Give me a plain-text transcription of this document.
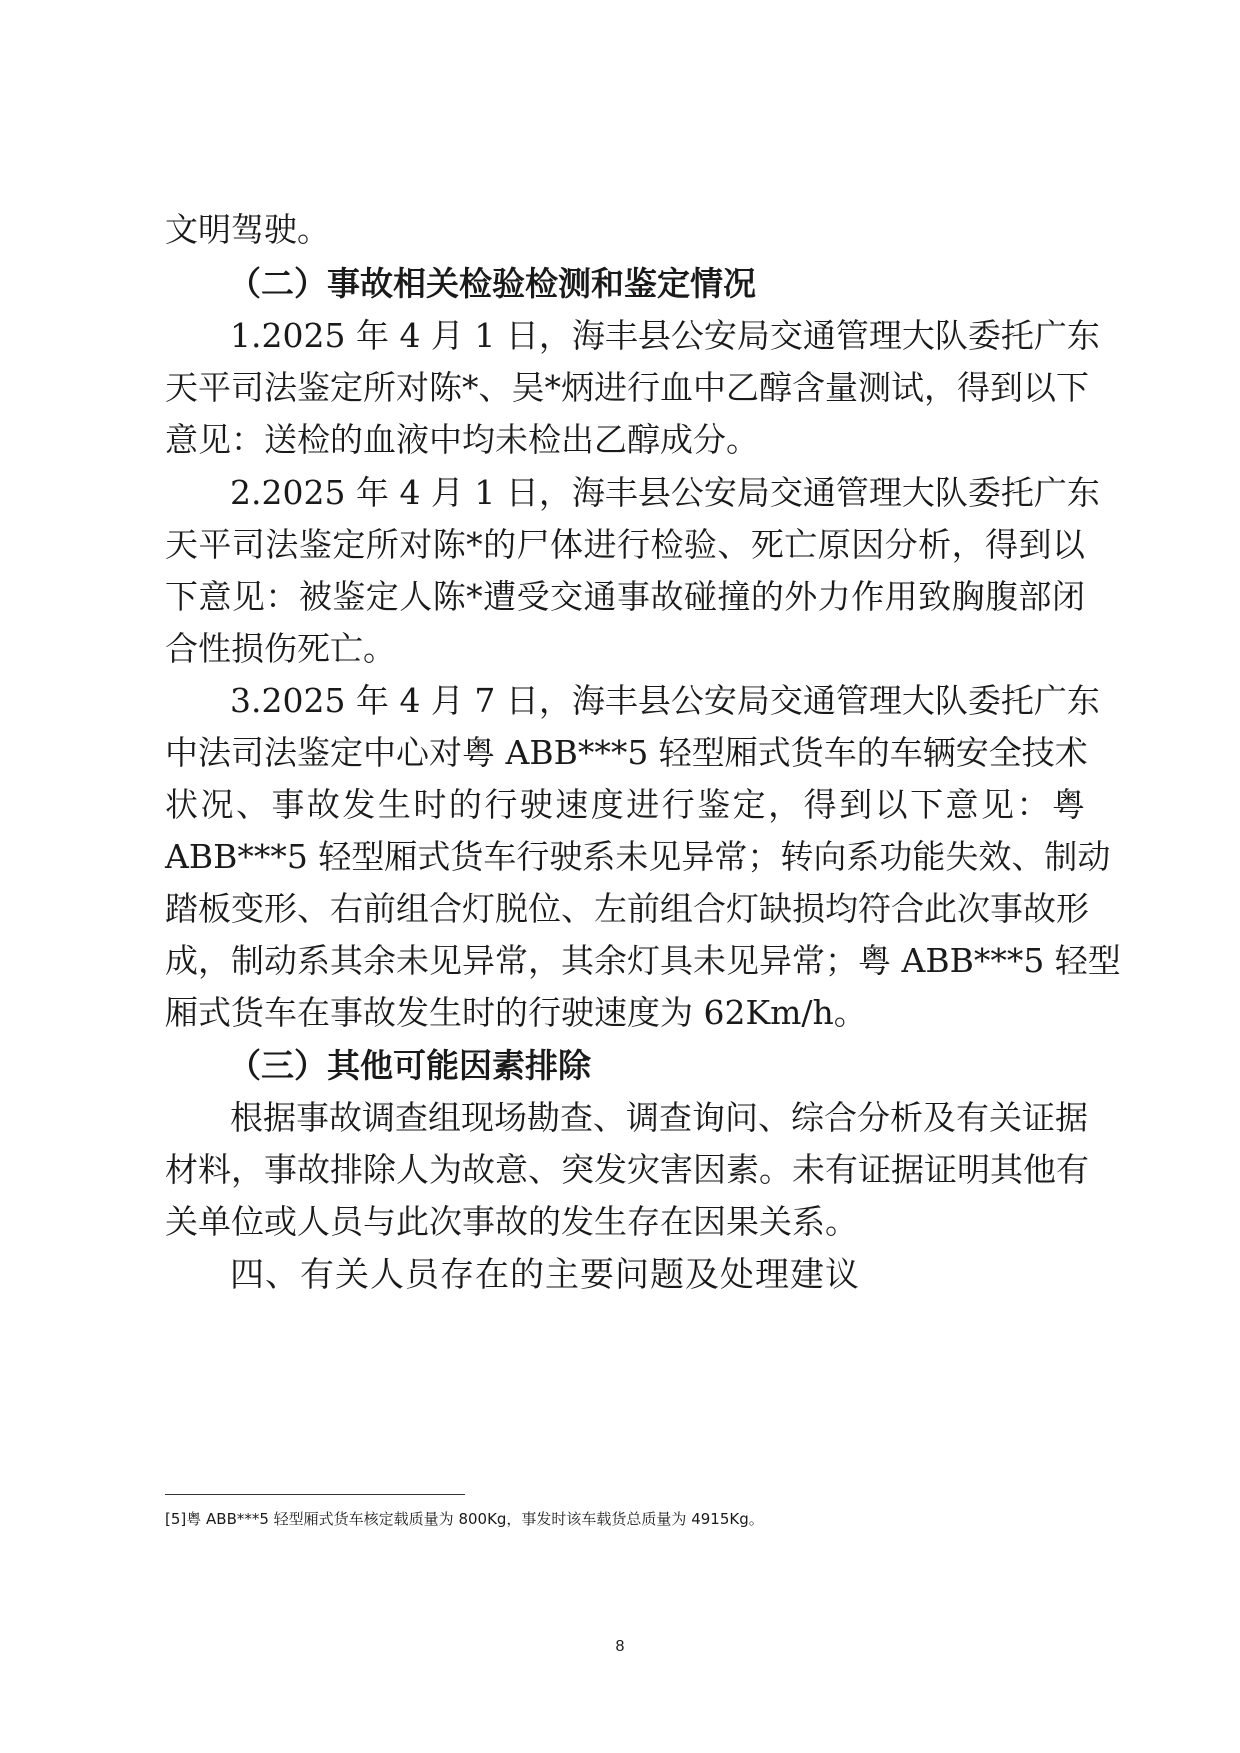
文明驾驶。
（二）事故相关检验检测和鉴定情况
1.2025 年 4 月 1 日，海丰县公安局交通管理大队委托广东
天平司法鉴定所对陈*、吴*炳进行血中乙醇含量测试，得到以下
意见：送检的血液中均未检出乙醇成分。
2.2025 年 4 月 1 日，海丰县公安局交通管理大队委托广东
天平司法鉴定所对陈*的尸体进行检验、死亡原因分析，得到以
下意见：被鉴定人陈*遭受交通事故碰撞的外力作用致胸腹部闭
合性损伤死亡。
3.2025 年 4 月 7 日，海丰县公安局交通管理大队委托广东
中法司法鉴定中心对粤 ABB***5 轻型厢式货车的车辆安全技术
状况、事故发生时的行驶速度进行鉴定，得到以下意见：粤
ABB***5 轻型厢式货车行驶系未见异常；转向系功能失效、制动
踏板变形、右前组合灯脱位、左前组合灯缺损均符合此次事故形
成，制动系其余未见异常，其余灯具未见异常；粤 ABB***5 轻型
厢式货车在事故发生时的行驶速度为 62Km/h。
（三）其他可能因素排除
根据事故调查组现场勘查、调查询问、综合分析及有关证据
材料，事故排除人为故意、突发灾害因素。未有证据证明其他有
关单位或人员与此次事故的发生存在因果关系。
四、有关人员存在的主要问题及处理建议
[5]粤 ABB***5 轻型厢式货车核定载质量为 800Kg，事发时该车载货总质量为 4915Kg。
8
